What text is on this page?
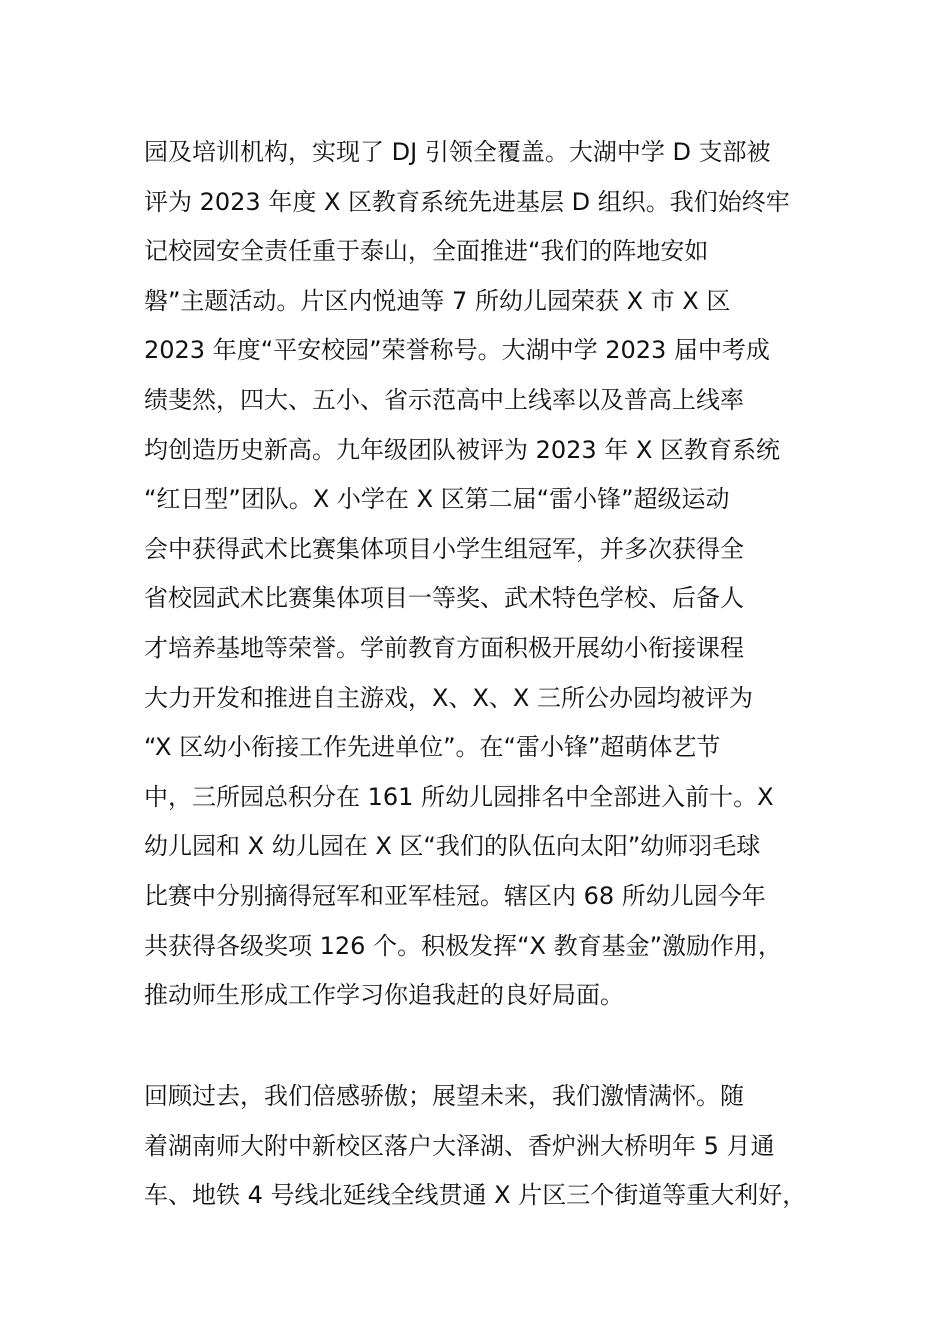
园及培训机构，实现了 DJ 引领全覆盖。大湖中学 D 支部被
评为 2023 年度 X 区教育系统先进基层 D 组织。我们始终牢
记校园安全责任重于泰山，全面推进“我们的阵地安如
磐”主题活动。片区内悦迪等 7 所幼儿园荣获 X 市 X 区
2023 年度“平安校园”荣誉称号。大湖中学 2023 届中考成
绩斐然，四大、五小、省示范高中上线率以及普高上线率
均创造历史新高。九年级团队被评为 2023 年 X 区教育系统
“红日型”团队。X 小学在 X 区第二届“雷小锋”超级运动
会中获得武术比赛集体项目小学生组冠军，并多次获得全
省校园武术比赛集体项目一等奖、武术特色学校、后备人
才培养基地等荣誉。学前教育方面积极开展幼小衔接课程
大力开发和推进自主游戏，X、X、X 三所公办园均被评为
“X 区幼小衔接工作先进单位”。在“雷小锋”超萌体艺节
中，三所园总积分在 161 所幼儿园排名中全部进入前十。X
幼儿园和 X 幼儿园在 X 区“我们的队伍向太阳”幼师羽毛球
比赛中分别摘得冠军和亚军桂冠。辖区内 68 所幼儿园今年
共获得各级奖项 126 个。积极发挥“X 教育基金”激励作用，
推动师生形成工作学习你追我赶的良好局面。
回顾过去，我们倍感骄傲；展望未来，我们激情满怀。随
着湖南师大附中新校区落户大泽湖、香炉洲大桥明年 5 月通
车、地铁 4 号线北延线全线贯通 X 片区三个街道等重大利好，
